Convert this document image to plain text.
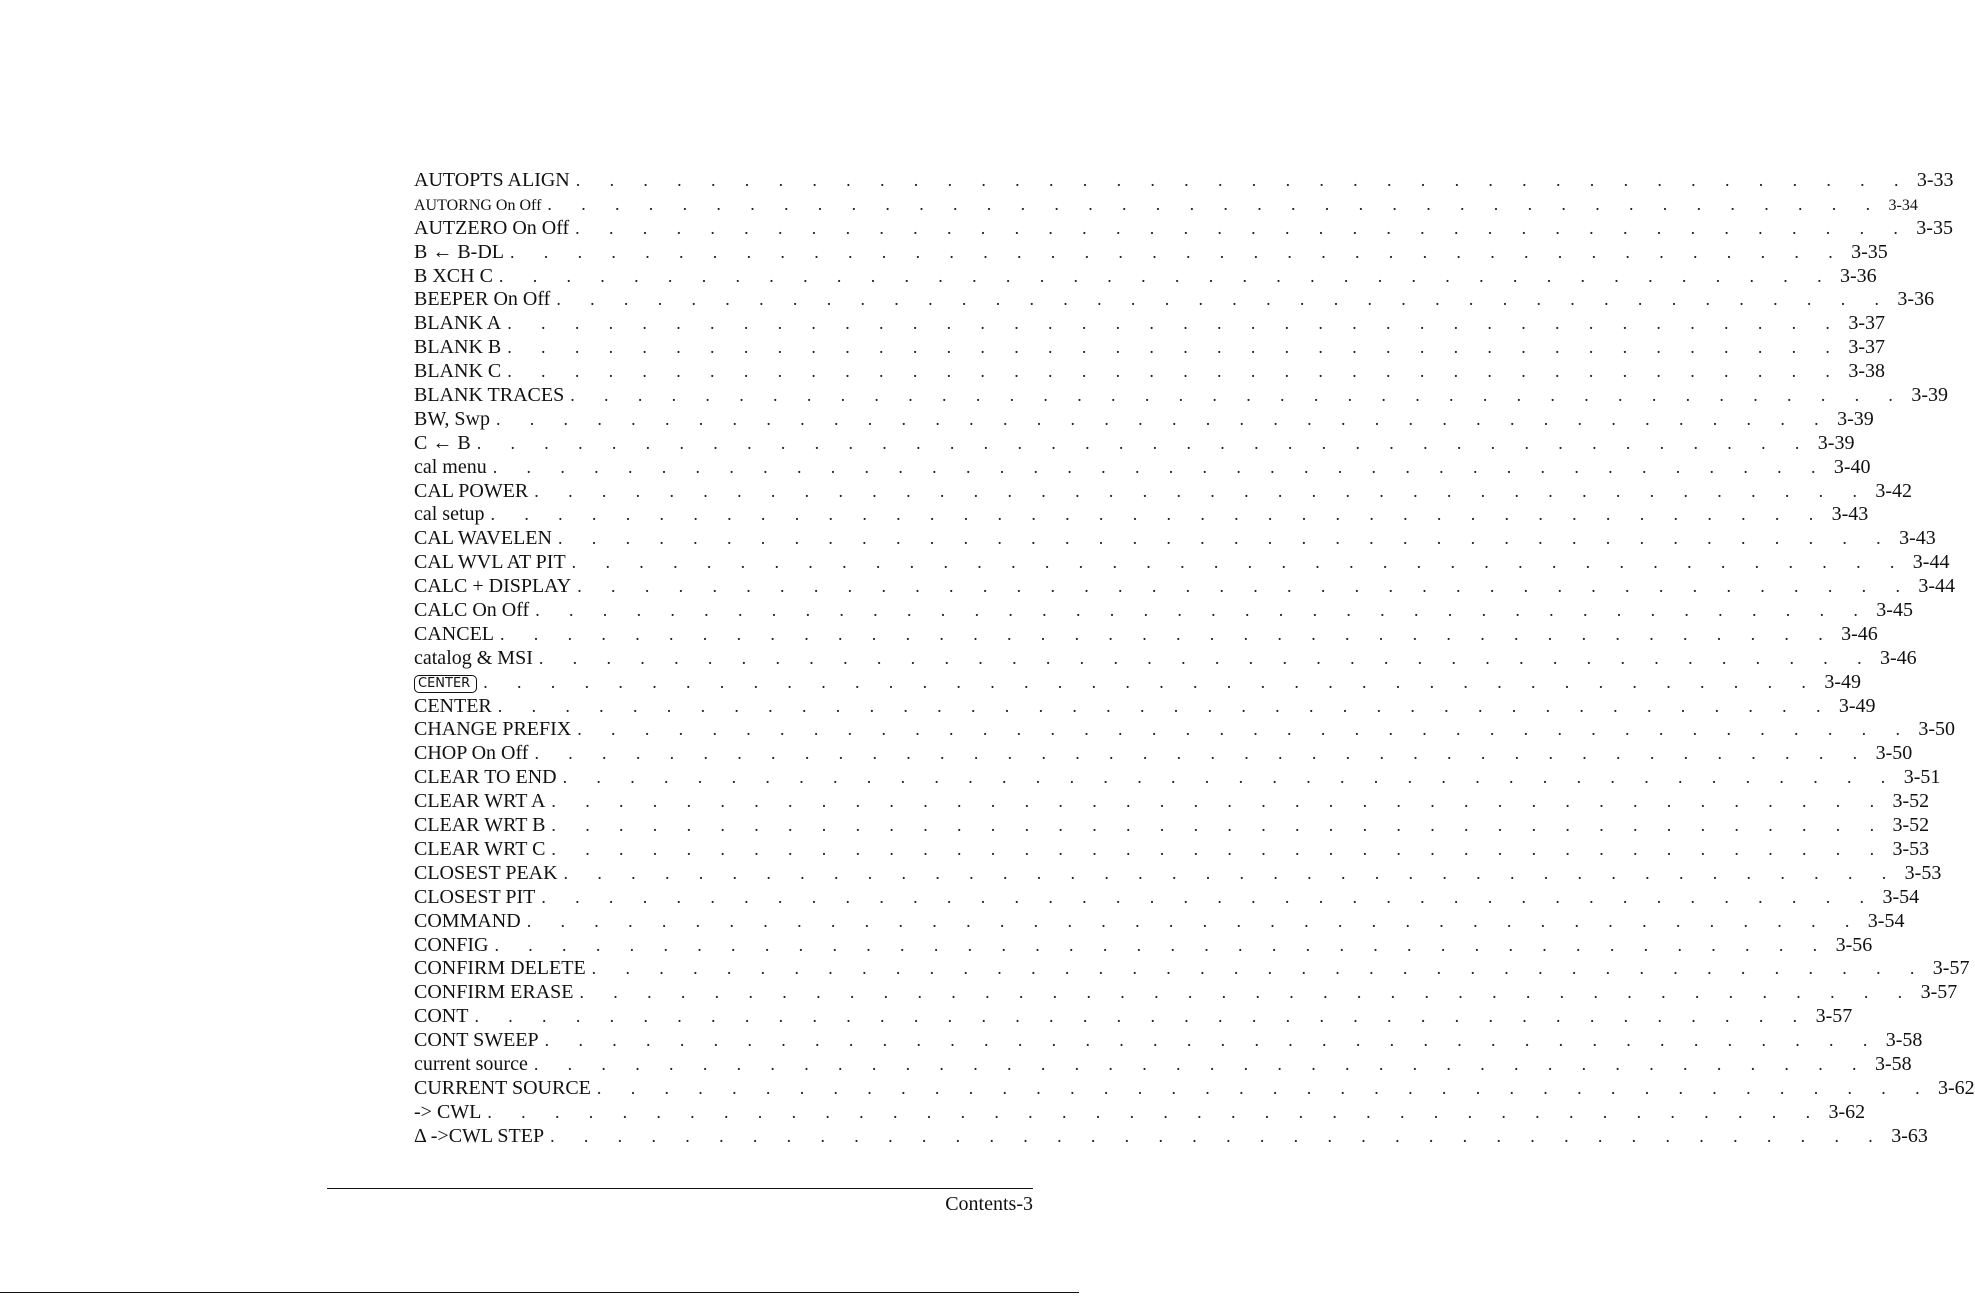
AUTOPTS ALIGN . . . . . . . . . . . . . . . . . . . . . . . . . . . . . . . . . . . . . . . . 3-33
AUTORNG On Off . . . . . . . . . . . . . . . . . . . . . . . . . . . . . . . . . . . . . . . . 3-34
AUTZERO On Off . . . . . . . . . . . . . . . . . . . . . . . . . . . . . . . . . . . . . . . . 3-35
B ← B-DL . . . . . . . . . . . . . . . . . . . . . . . . . . . . . . . . . . . . . . . . 3-35
B XCH C . . . . . . . . . . . . . . . . . . . . . . . . . . . . . . . . . . . . . . . . 3-36
BEEPER On Off . . . . . . . . . . . . . . . . . . . . . . . . . . . . . . . . . . . . . . . . 3-36
BLANK A . . . . . . . . . . . . . . . . . . . . . . . . . . . . . . . . . . . . . . . . 3-37
BLANK B . . . . . . . . . . . . . . . . . . . . . . . . . . . . . . . . . . . . . . . . 3-37
BLANK C . . . . . . . . . . . . . . . . . . . . . . . . . . . . . . . . . . . . . . . . 3-38
BLANK TRACES . . . . . . . . . . . . . . . . . . . . . . . . . . . . . . . . . . . . . . . . 3-39
BW, Swp . . . . . . . . . . . . . . . . . . . . . . . . . . . . . . . . . . . . . . . . 3-39
C ← B . . . . . . . . . . . . . . . . . . . . . . . . . . . . . . . . . . . . . . . . 3-39
cal menu . . . . . . . . . . . . . . . . . . . . . . . . . . . . . . . . . . . . . . . . 3-40
CAL POWER . . . . . . . . . . . . . . . . . . . . . . . . . . . . . . . . . . . . . . . . 3-42
cal setup . . . . . . . . . . . . . . . . . . . . . . . . . . . . . . . . . . . . . . . . 3-43
CAL WAVELEN . . . . . . . . . . . . . . . . . . . . . . . . . . . . . . . . . . . . . . . . 3-43
CAL WVL AT PIT . . . . . . . . . . . . . . . . . . . . . . . . . . . . . . . . . . . . . . . . 3-44
CALC + DISPLAY . . . . . . . . . . . . . . . . . . . . . . . . . . . . . . . . . . . . . . . . 3-44
CALC On Off . . . . . . . . . . . . . . . . . . . . . . . . . . . . . . . . . . . . . . . . 3-45
CANCEL . . . . . . . . . . . . . . . . . . . . . . . . . . . . . . . . . . . . . . . . 3-46
catalog & MSI . . . . . . . . . . . . . . . . . . . . . . . . . . . . . . . . . . . . . . . . 3-46
CENTER . . . . . . . . . . . . . . . . . . . . . . . . . . . . . . . . . . . . . . . . 3-49
CENTER . . . . . . . . . . . . . . . . . . . . . . . . . . . . . . . . . . . . . . . . 3-49
CHANGE PREFIX . . . . . . . . . . . . . . . . . . . . . . . . . . . . . . . . . . . . . . . . 3-50
CHOP On Off . . . . . . . . . . . . . . . . . . . . . . . . . . . . . . . . . . . . . . . . 3-50
CLEAR TO END . . . . . . . . . . . . . . . . . . . . . . . . . . . . . . . . . . . . . . . . 3-51
CLEAR WRT A . . . . . . . . . . . . . . . . . . . . . . . . . . . . . . . . . . . . . . . . 3-52
CLEAR WRT B . . . . . . . . . . . . . . . . . . . . . . . . . . . . . . . . . . . . . . . . 3-52
CLEAR WRT C . . . . . . . . . . . . . . . . . . . . . . . . . . . . . . . . . . . . . . . . 3-53
CLOSEST PEAK . . . . . . . . . . . . . . . . . . . . . . . . . . . . . . . . . . . . . . . . 3-53
CLOSEST PIT . . . . . . . . . . . . . . . . . . . . . . . . . . . . . . . . . . . . . . . . 3-54
COMMAND . . . . . . . . . . . . . . . . . . . . . . . . . . . . . . . . . . . . . . . . 3-54
CONFIG . . . . . . . . . . . . . . . . . . . . . . . . . . . . . . . . . . . . . . . . 3-56
CONFIRM DELETE . . . . . . . . . . . . . . . . . . . . . . . . . . . . . . . . . . . . . . . . 3-57
CONFIRM ERASE . . . . . . . . . . . . . . . . . . . . . . . . . . . . . . . . . . . . . . . . 3-57
CONT . . . . . . . . . . . . . . . . . . . . . . . . . . . . . . . . . . . . . . . . 3-57
CONT SWEEP . . . . . . . . . . . . . . . . . . . . . . . . . . . . . . . . . . . . . . . . 3-58
current source . . . . . . . . . . . . . . . . . . . . . . . . . . . . . . . . . . . . . . . . 3-58
CURRENT SOURCE . . . . . . . . . . . . . . . . . . . . . . . . . . . . . . . . . . . . . . . . 3-62
-> CWL . . . . . . . . . . . . . . . . . . . . . . . . . . . . . . . . . . . . . . . . 3-62
Δ ->CWL STEP . . . . . . . . . . . . . . . . . . . . . . . . . . . . . . . . . . . . . . . . 3-63
Contents-3
